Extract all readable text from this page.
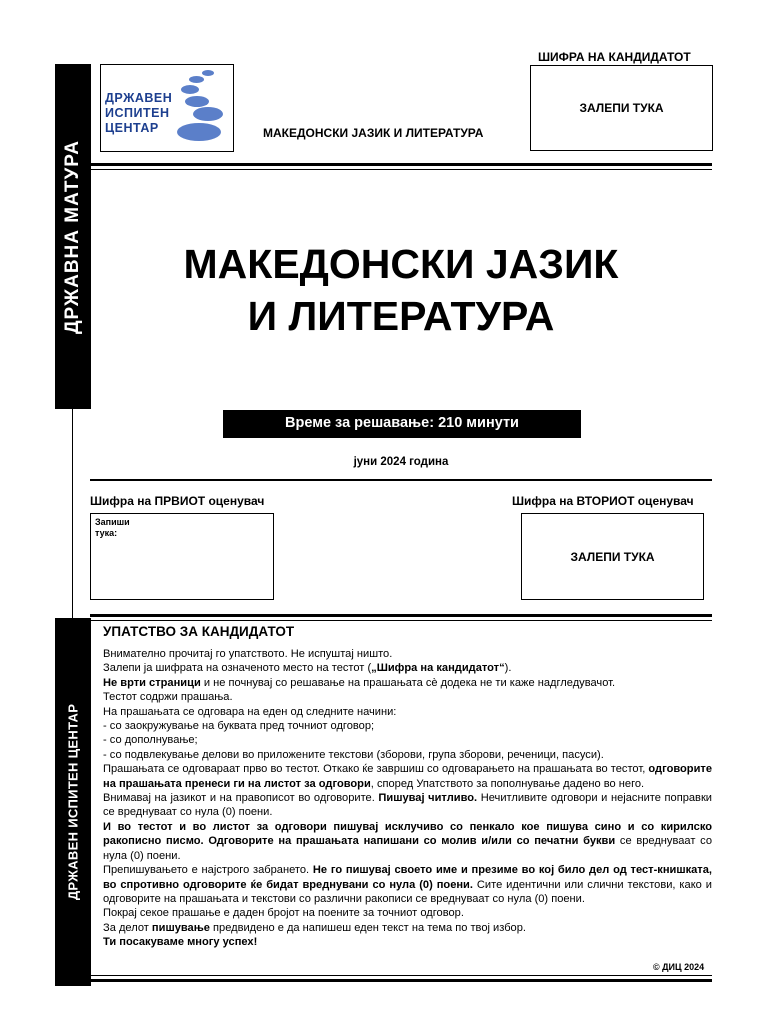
ДРЖАВНА МАТУРА
ДРЖАВЕН ИСПИТЕН ЦЕНТАР
ДРЖАВЕН
ИСПИТЕН
ЦЕНТАР	МАКЕДОНСКИ ЈАЗИК И ЛИТЕРАТУРА
ШИФРА НА КАНДИДАТОТ
ЗАЛЕПИ ТУКА
МАКЕДОНСКИ ЈАЗИК
И ЛИТЕРАТУРА
Време за решавање: 210 минути
јуни 2024 година
Шифра на ПРВИОТ оценувач	Шифра на ВТОРИОТ оценувач
Запиши тука:
ЗАЛЕПИ ТУКА
УПАТСТВО ЗА КАНДИДАТОТ

Внимателно прочитај го упатството. Не испуштај ништо.

Залепи ја шифрата на означеното место на тестот („Шифра на кандидатот“).

Не врти страници и не почнувај со решавање на прашањата сè додека не ти каже надгледувачот.

Тестот содржи прашања.

На прашањата се одговара на еден од следните начини:

- со заокружување на буквата пред точниот одговор;

- со дополнување;

- со подвлекување делови во приложените текстови (зборови, група зборови, реченици, пасуси).

Прашањата се одговараат прво во тестот. Откако ќе завршиш со одговарањето на прашањата во тестот, одговорите на прашањата пренеси ги на листот за одговори, според Упатството за пополнување дадено во него.

Внимавај на јазикот и на правописот во одговорите. Пишувај читливо. Нечитливите одговори и нејасните поправки се вреднуваат со нула (0) поени.

И во тестот и во листот за одговори пишувај исклучиво со пенкало кое пишува сино и со кирилско ракописно писмо. Одговорите на прашањата напишани со молив и/или со печатни букви се вреднуваат со нула (0) поени.

Препишувањето е најстрого забрането. Не го пишувај своето име и презиме во кој било дел од тест-книшката, во спротивно одговорите ќе бидат вреднувани со нула (0) поени. Сите идентични или слични текстови, како и одговорите на прашањата и текстови со различни ракописи се вреднуваат со нула (0) поени.

Покрај секое прашање е даден бројот на поените за точниот одговор.

За делот пишување предвидено е да напишеш еден текст на тема по твој избор.

Ти посакуваме многу успех!

© ДИЦ 2024
